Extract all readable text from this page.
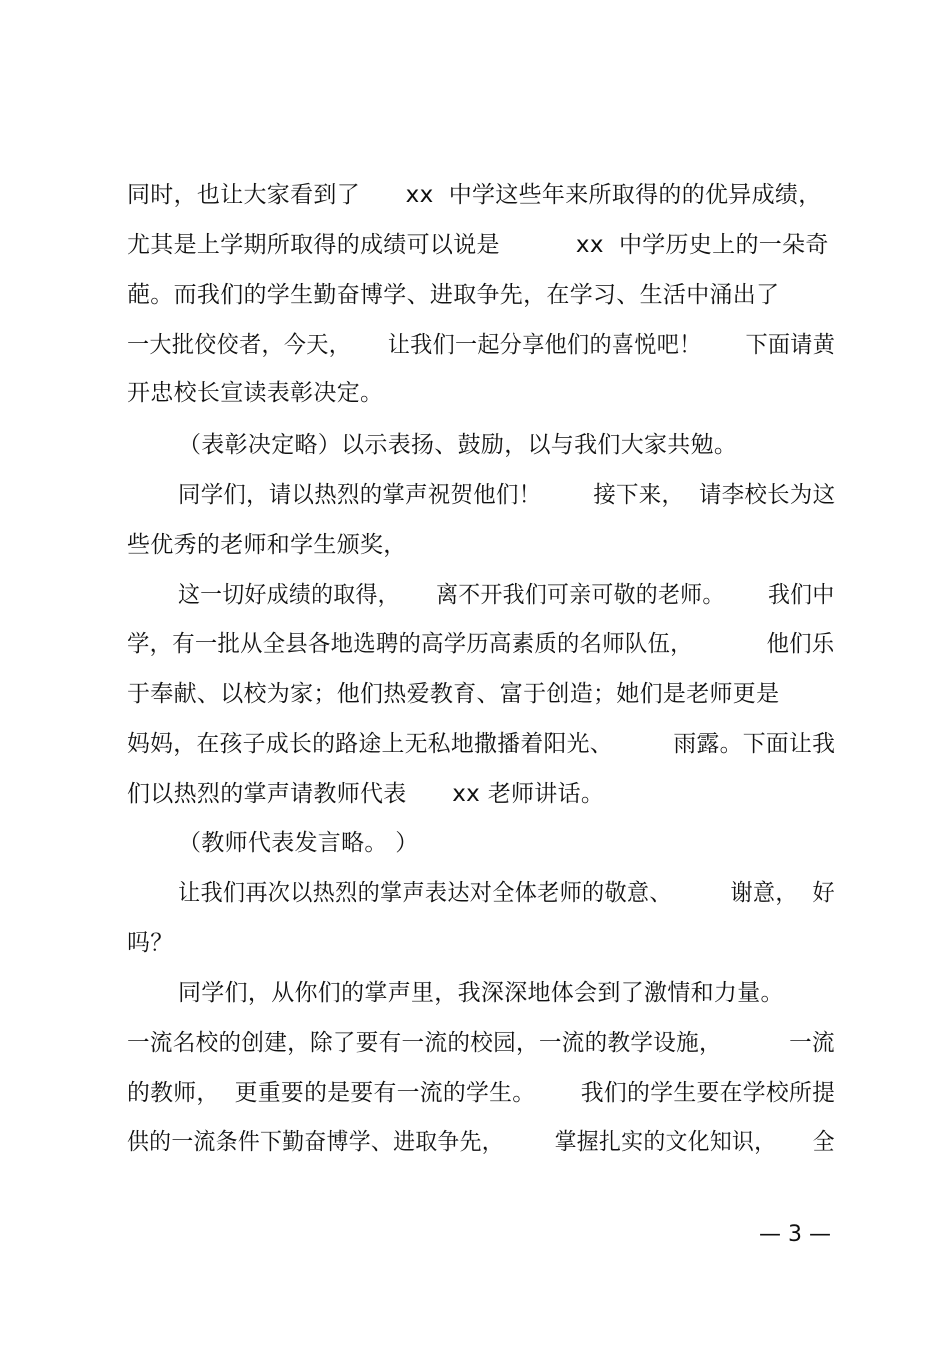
同时，也让大家看到了      xx  中学这些年来所取得的的优异成绩，
尤其是上学期所取得的成绩可以说是          xx  中学历史上的一朵奇
葩。而我们的学生勤奋博学、进取争先，在学习、生活中涌出了
一大批佼佼者，今天，     让我们一起分享他们的喜悦吧！      下面请黄
开忠校长宣读表彰决定。
（表彰决定略）以示表扬、鼓励，以与我们大家共勉。
同学们，请以热烈的掌声祝贺他们！       接下来，  请李校长为这
些优秀的老师和学生颁奖，
这一切好成绩的取得，     离不开我们可亲可敬的老师。      我们中
学，有一批从全县各地选聘的高学历高素质的名师队伍，          他们乐
于奉献、以校为家；他们热爱教育、富于创造；她们是老师更是
妈妈，在孩子成长的路途上无私地撒播着阳光、        雨露。下面让我
们以热烈的掌声请教师代表      xx 老师讲话。
（教师代表发言略。 ）
让我们再次以热烈的掌声表达对全体老师的敬意、        谢意，  好
吗？
同学们，从你们的掌声里，我深深地体会到了激情和力量。
一流名校的创建，除了要有一流的校园，一流的教学设施，         一流
的教师，  更重要的是要有一流的学生。      我们的学生要在学校所提
供的一流条件下勤奋博学、进取争先，       掌握扎实的文化知识，     全
— 3 —
